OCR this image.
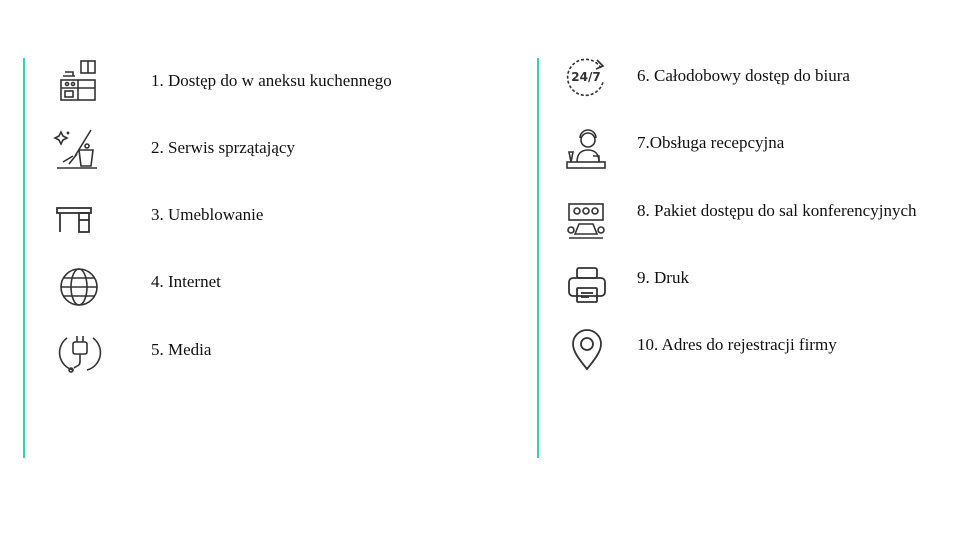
1. Dostęp do w aneksu kuchennego
2. Serwis sprzątający
3. Umeblowanie
4. Internet
5. Media
24/7 6. Całodobowy dostęp do biura
7.Obsługa recepcyjna
8. Pakiet dostępu do sal konferencyjnych
9. Druk
10. Adres do rejestracji firmy
